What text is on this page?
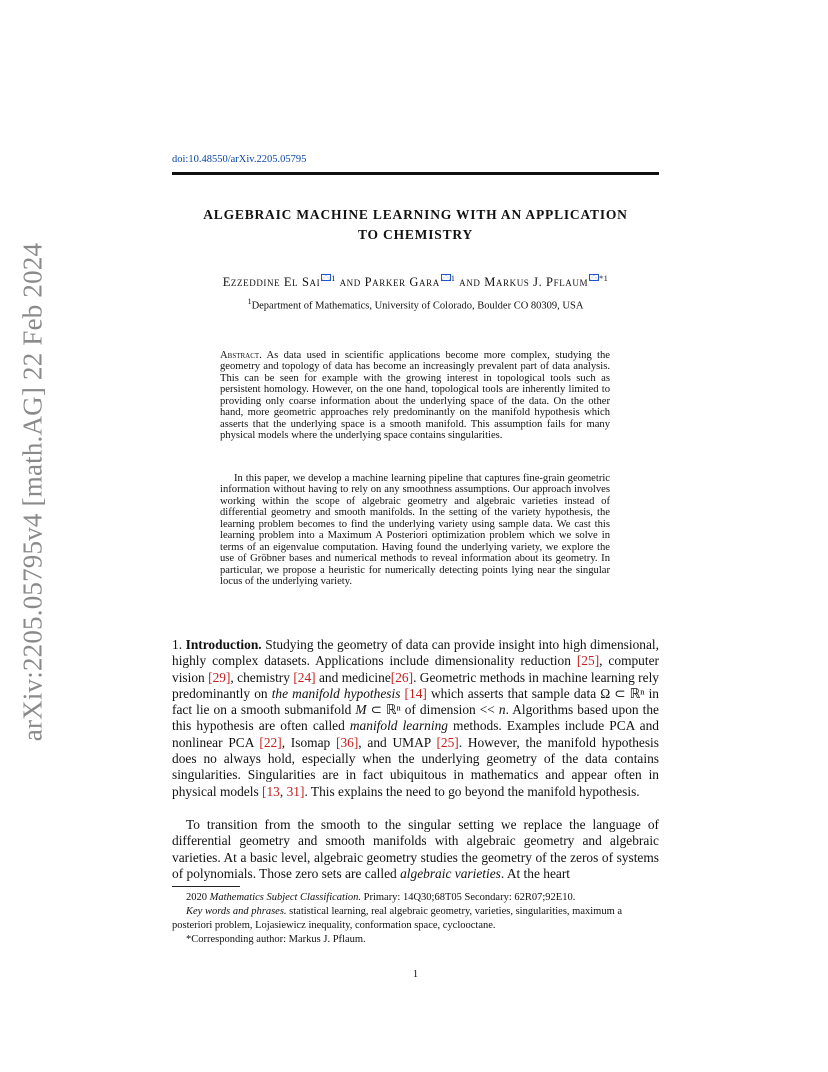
arXiv:2205.05795v4 [math.AG] 22 Feb 2024
doi:10.48550/arXiv.2205.05795
ALGEBRAIC MACHINE LEARNING WITH AN APPLICATION
TO CHEMISTRY
Ezzeddine El Sai $^1$ and Parker Gara $^1$ and Markus J. Pflaum $^{*1}$
$^1$Department of Mathematics, University of Colorado, Boulder CO 80309, USA

Abstract. As data used in scientific applications become more complex, studying the geometry and topology of data has become an increasingly prevalent part of data analysis. This can be seen for example with the growing interest in topological tools such as persistent homology. However, on the one hand, topological tools are inherently limited to providing only coarse information about the underlying space of the data. On the other hand, more geometric approaches rely predominantly on the manifold hypothesis which asserts that the underlying space is a smooth manifold. This assumption fails for many physical models where the underlying space contains singularities.

In this paper, we develop a machine learning pipeline that captures fine-grain geometric information without having to rely on any smoothness assumptions. Our approach involves working within the scope of algebraic geometry and algebraic varieties instead of differential geometry and smooth manifolds. In the setting of the variety hypothesis, the learning problem becomes to find the underlying variety using sample data. We cast this learning problem into a Maximum A Posteriori optimization problem which we solve in terms of an eigenvalue computation. Having found the underlying variety, we explore the use of Gröbner bases and numerical methods to reveal information about its geometry. In particular, we propose a heuristic for numerically detecting points lying near the singular locus of the underlying variety.

1. Introduction. Studying the geometry of data can provide insight into high dimensional, highly complex datasets. Applications include dimensionality reduction [25], computer vision [29], chemistry [24] and medicine[26]. Geometric methods in machine learning rely predominantly on the manifold hypothesis [14] which asserts that sample data Ω ⊂ ℝⁿ in fact lie on a smooth submanifold M ⊂ ℝⁿ of dimension << n. Algorithms based upon the this hypothesis are often called manifold learning methods. Examples include PCA and nonlinear PCA [22], Isomap [36], and UMAP [25]. However, the manifold hypothesis does no always hold, especially when the underlying geometry of the data contains singularities. Singularities are in fact ubiquitous in mathematics and appear often in physical models [13, 31]. This explains the need to go beyond the manifold hypothesis.

To transition from the smooth to the singular setting we replace the language of differential geometry and smooth manifolds with algebraic geometry and algebraic varieties. At a basic level, algebraic geometry studies the geometry of the zeros of systems of polynomials. Those zero sets are called algebraic varieties. At the heart

2020 Mathematics Subject Classification. Primary: 14Q30;68T05 Secondary: 62R07;92E10.
Key words and phrases. statistical learning, real algebraic geometry, varieties, singularities, maximum a posteriori problem, Lojasiewicz inequality, conformation space, cyclooctane.
*Corresponding author: Markus J. Pflaum.
1
